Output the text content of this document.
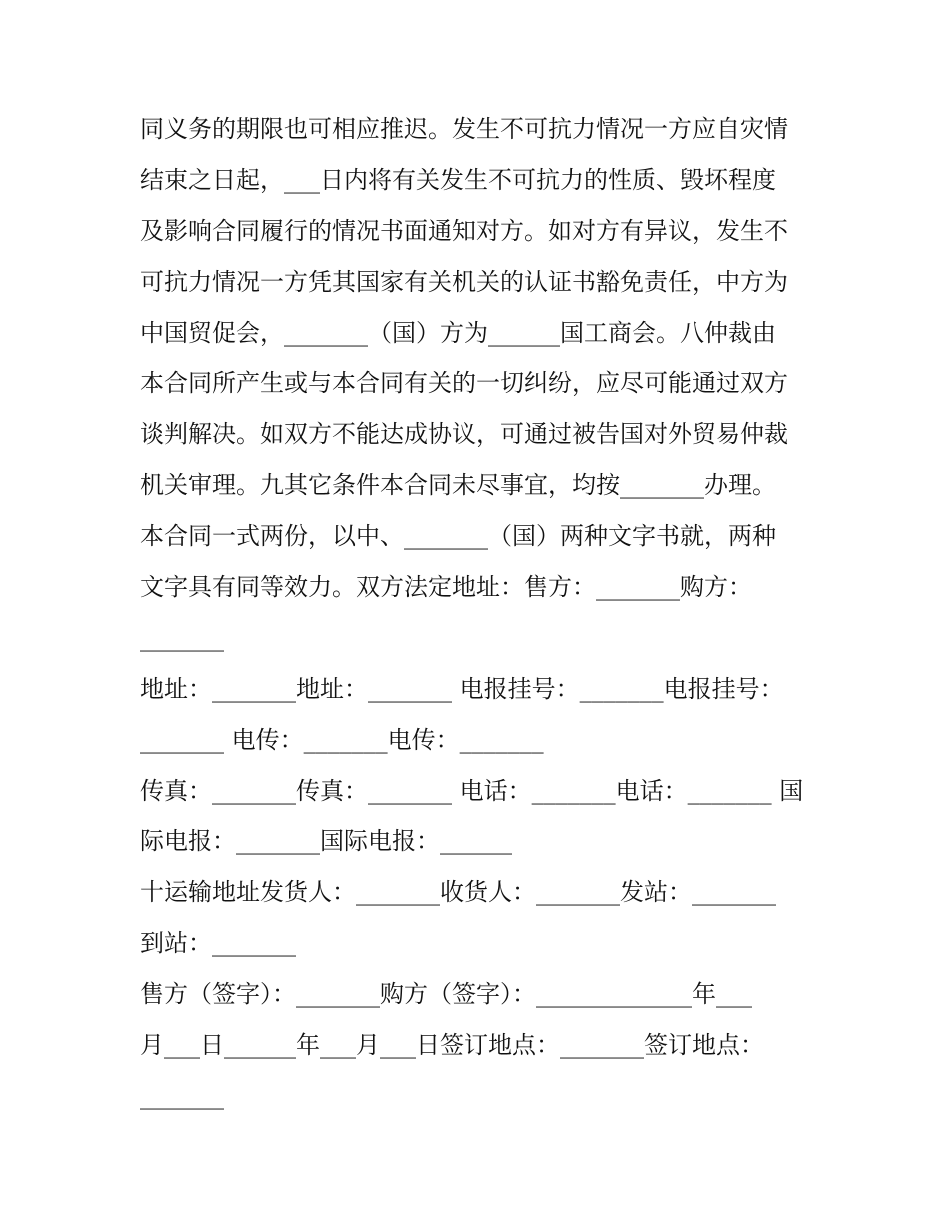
同义务的期限也可相应推迟。发生不可抗力情况一方应自灾情
结束之日起，___日内将有关发生不可抗力的性质、毁坏程度
及影响合同履行的情况书面通知对方。如对方有异议，发生不
可抗力情况一方凭其国家有关机关的认证书豁免责任，中方为
中国贸促会，_______（国）方为______国工商会。八仲裁由
本合同所产生或与本合同有关的一切纠纷，应尽可能通过双方
谈判解决。如双方不能达成协议，可通过被告国对外贸易仲裁
机关审理。九其它条件本合同未尽事宜，均按_______办理。
本合同一式两份，以中、_______（国）两种文字书就，两种
文字具有同等效力。双方法定地址：售方：_______购方：
_______
地址：_______地址：_______ 电报挂号：_______电报挂号：
_______ 电传：_______电传：_______
传真：_______传真：_______ 电话：_______电话：_______ 国
际电报：_______国际电报：______
十运输地址发货人：_______收货人：_______发站：_______
到站：_______
售方（签字）：_______购方（签字）：_____________年___
月___日______年___月___日签订地点：_______签订地点：
_______
